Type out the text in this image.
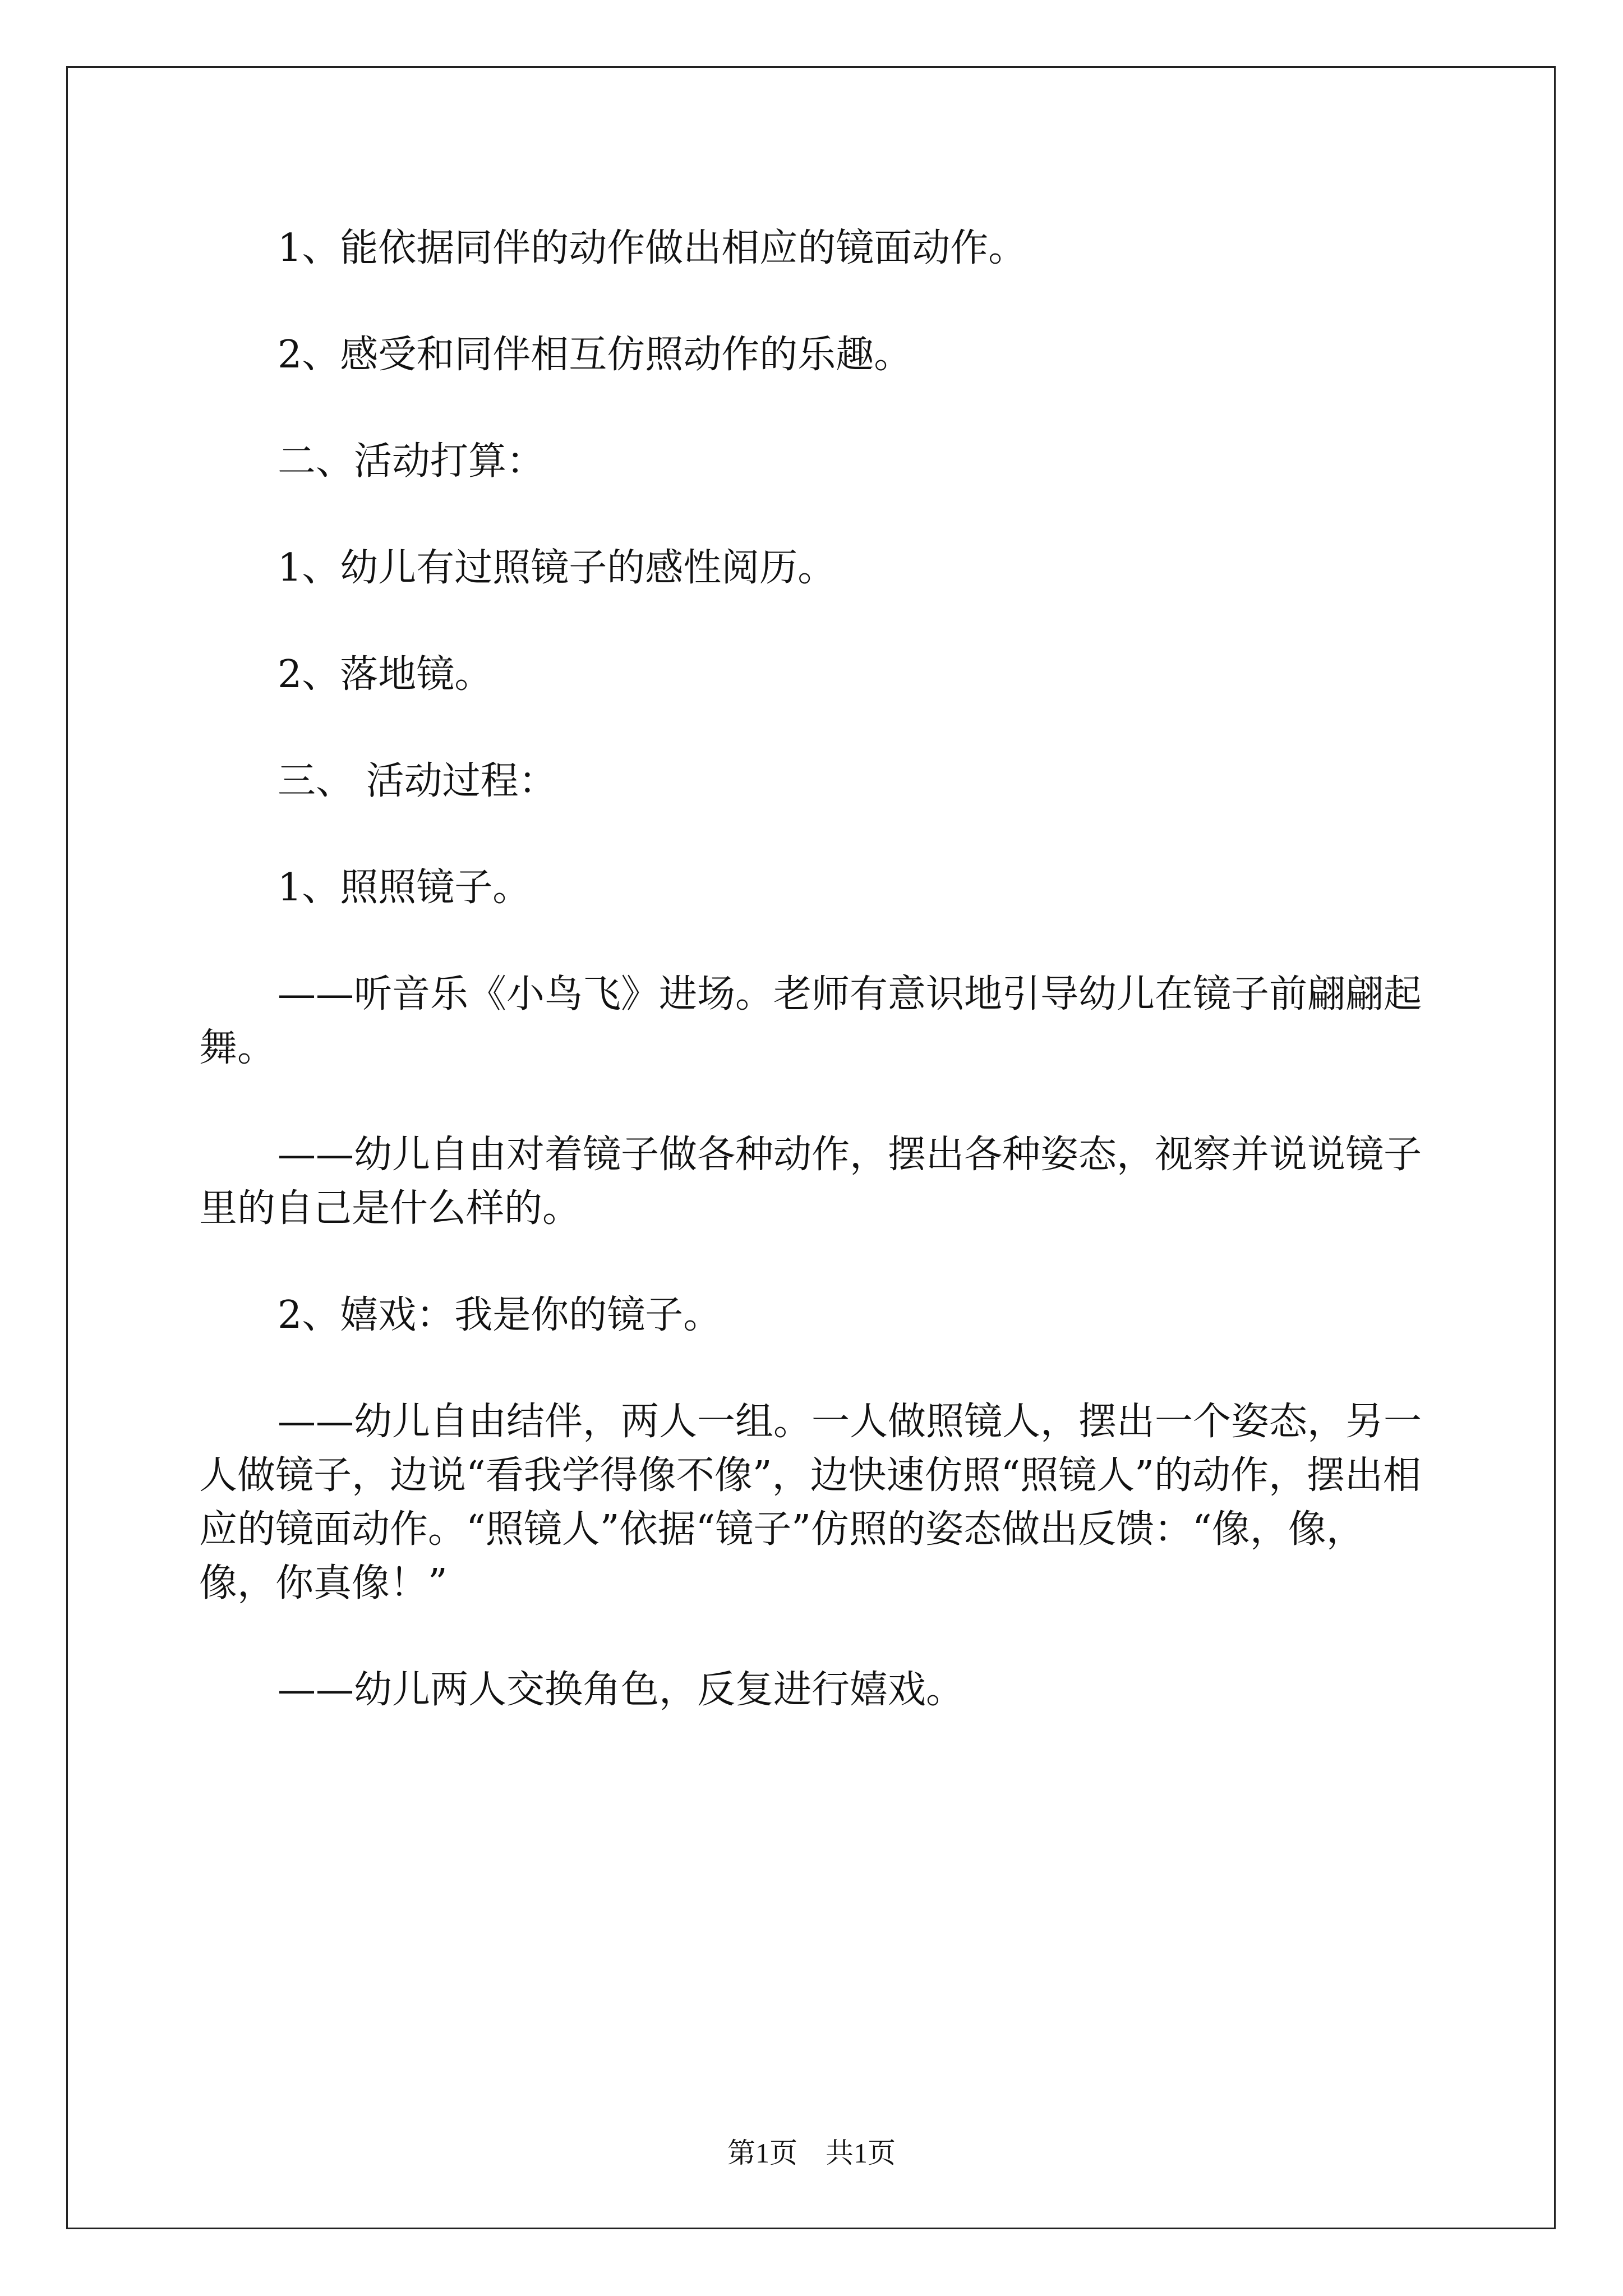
1、能依据同伴的动作做出相应的镜面动作。

2、感受和同伴相互仿照动作的乐趣。

二、活动打算：

1、幼儿有过照镜子的感性阅历。

2、落地镜。

三、 活动过程：

1、照照镜子。

——听音乐《小鸟飞》进场。老师有意识地引导幼儿在镜子前翩翩起舞。

——幼儿自由对着镜子做各种动作，摆出各种姿态，视察并说说镜子里的自己是什么样的。

2、嬉戏：我是你的镜子。

——幼儿自由结伴，两人一组。一人做照镜人，摆出一个姿态，另一人做镜子，边说“看我学得像不像”，边快速仿照“照镜人”的动作，摆出相应的镜面动作。“照镜人”依据“镜子”仿照的姿态做出反馈：“像，像，像，你真像！”

——幼儿两人交换角色，反复进行嬉戏。

第1页 共1页
